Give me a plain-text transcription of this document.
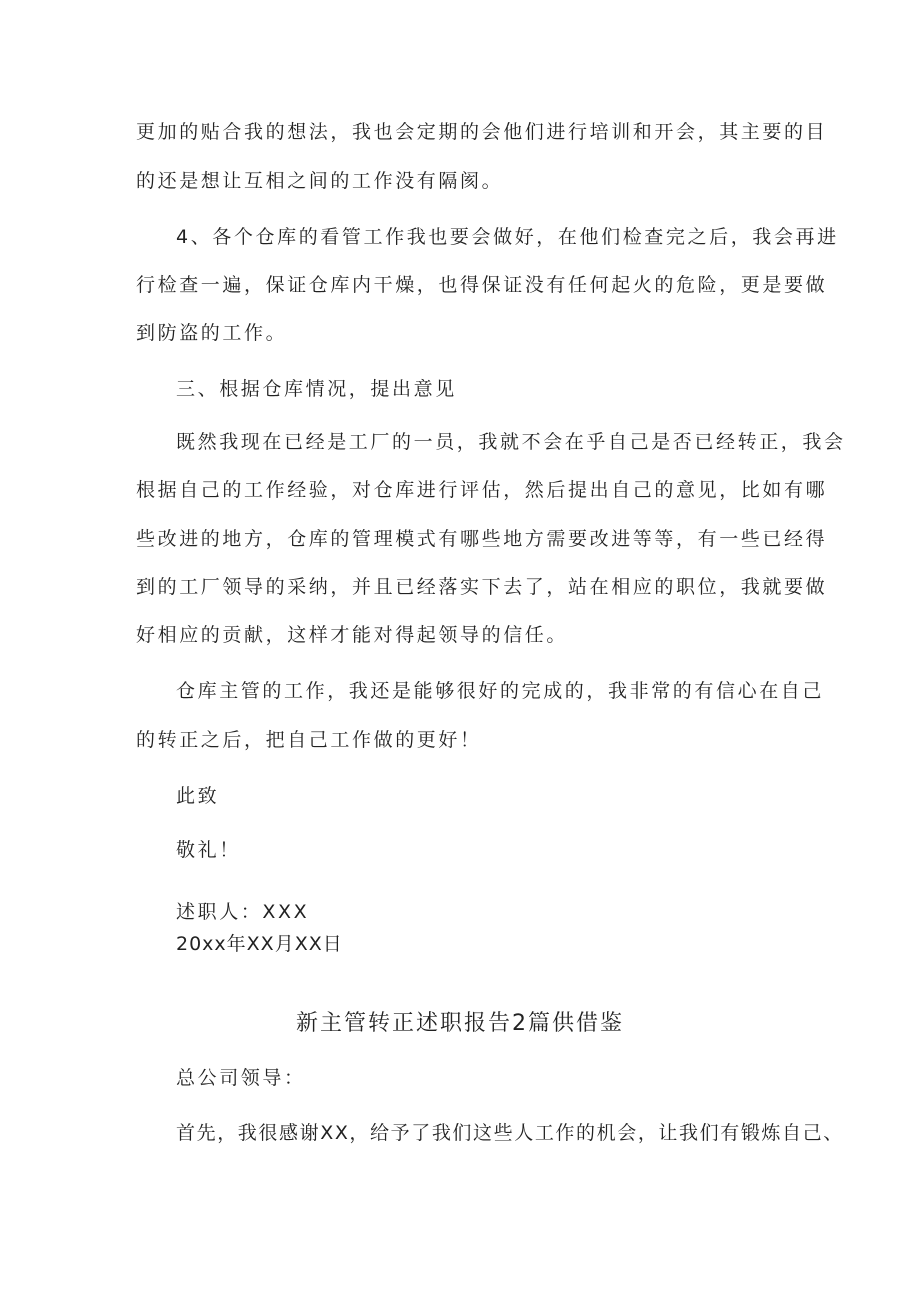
更加的贴合我的想法，我也会定期的会他们进行培训和开会，其主要的目
的还是想让互相之间的工作没有隔阂。
4、各个仓库的看管工作我也要会做好，在他们检查完之后，我会再进
行检查一遍，保证仓库内干燥，也得保证没有任何起火的危险，更是要做
到防盗的工作。
三、根据仓库情况，提出意见
既然我现在已经是工厂的一员，我就不会在乎自己是否已经转正，我会
根据自己的工作经验，对仓库进行评估，然后提出自己的意见，比如有哪
些改进的地方，仓库的管理模式有哪些地方需要改进等等，有一些已经得
到的工厂领导的采纳，并且已经落实下去了，站在相应的职位，我就要做
好相应的贡献，这样才能对得起领导的信任。
仓库主管的工作，我还是能够很好的完成的，我非常的有信心在自己
的转正之后，把自己工作做的更好！
此致
敬礼！
述职人：XXX
20xx年XX月XX日
新主管转正述职报告2篇供借鉴
总公司领导：
首先，我很感谢XX，给予了我们这些人工作的机会，让我们有锻炼自己、
